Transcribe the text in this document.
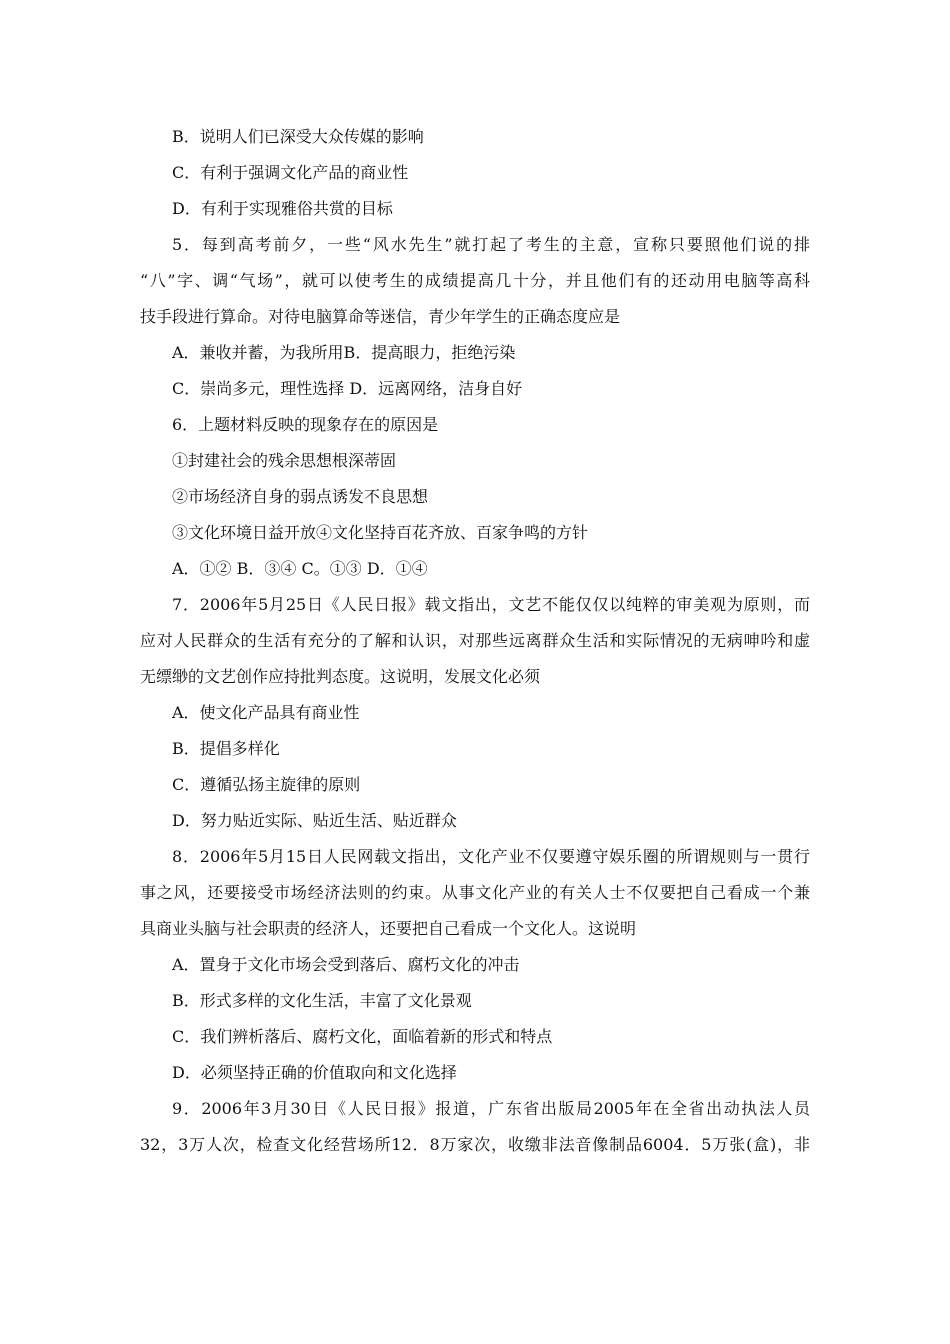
B．说明人们已深受大众传媒的影响
C．有利于强调文化产品的商业性
D．有利于实现雅俗共赏的目标
5．每到高考前夕，一些“风水先生”就打起了考生的主意，宣称只要照他们说的排
“八”字、调“气场”，就可以使考生的成绩提高几十分，并且他们有的还动用电脑等高科
技手段进行算命。对待电脑算命等迷信，青少年学生的正确态度应是
A．兼收并蓄，为我所用B．提高眼力，拒绝污染
C．崇尚多元，理性选择 D．远离网络，洁身自好
6．上题材料反映的现象存在的原因是
①封建社会的残余思想根深蒂固
②市场经济自身的弱点诱发不良思想
③文化环境日益开放④文化坚持百花齐放、百家争鸣的方针
A．①② B．③④ C。①③ D．①④
7．2006年5月25日《人民日报》载文指出，文艺不能仅仅以纯粹的审美观为原则，而
应对人民群众的生活有充分的了解和认识，对那些远离群众生活和实际情况的无病呻吟和虚
无缥缈的文艺创作应持批判态度。这说明，发展文化必须
A．使文化产品具有商业性
B．提倡多样化
C．遵循弘扬主旋律的原则
D．努力贴近实际、贴近生活、贴近群众
8．2006年5月15日人民网载文指出，文化产业不仅要遵守娱乐圈的所谓规则与一贯行
事之风，还要接受市场经济法则的约束。从事文化产业的有关人士不仅要把自己看成一个兼
具商业头脑与社会职责的经济人，还要把自己看成一个文化人。这说明
A．置身于文化市场会受到落后、腐朽文化的冲击
B．形式多样的文化生活，丰富了文化景观
C．我们辨析落后、腐朽文化，面临着新的形式和特点
D．必须坚持正确的价值取向和文化选择
9．2006年3月30日《人民日报》报道，广东省出版局2005年在全省出动执法人员
32，3万人次，检查文化经营场所12．8万家次，收缴非法音像制品6004．5万张(盒)，非
